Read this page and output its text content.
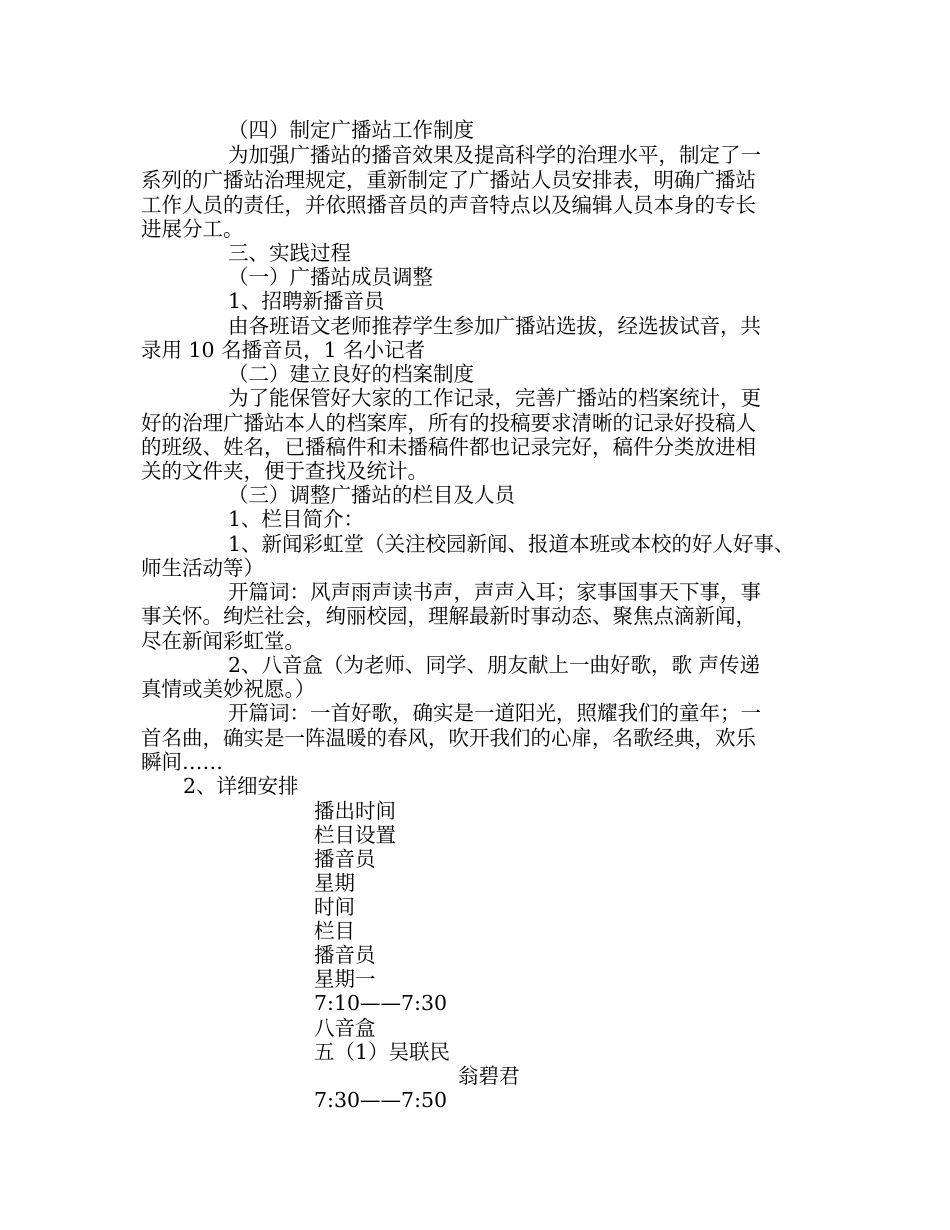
（四）制定广播站工作制度
为加强广播站的播音效果及提高科学的治理水平，制定了一
系列的广播站治理规定，重新制定了广播站人员安排表，明确广播站
工作人员的责任，并依照播音员的声音特点以及编辑人员本身的专长
进展分工。
三、实践过程
（一）广播站成员调整
1、招聘新播音员
由各班语文老师推荐学生参加广播站选拔，经选拔试音，共
录用 10 名播音员，1 名小记者
（二）建立良好的档案制度
为了能保管好大家的工作记录，完善广播站的档案统计，更
好的治理广播站本人的档案库，所有的投稿要求清晰的记录好投稿人
的班级、姓名，已播稿件和未播稿件都也记录完好，稿件分类放进相
关的文件夹，便于查找及统计。
（三）调整广播站的栏目及人员
1、栏目简介：
1、新闻彩虹堂（关注校园新闻、报道本班或本校的好人好事、
师生活动等）
开篇词：风声雨声读书声，声声入耳；家事国事天下事，事
事关怀。绚烂社会，绚丽校园，理解最新时事动态、聚焦点滴新闻，
尽在新闻彩虹堂。
2、八音盒（为老师、同学、朋友献上一曲好歌，歌 声传递
真情或美妙祝愿。）
开篇词：一首好歌，确实是一道阳光，照耀我们的童年；一
首名曲，确实是一阵温暖的春风，吹开我们的心扉，名歌经典，欢乐
瞬间……
2、详细安排
播出时间
栏目设置
播音员
星期
时间
栏目
播音员
星期一
7:10——7:30
八音盒
五（1）吴联民
翁碧君
7:30——7:50
